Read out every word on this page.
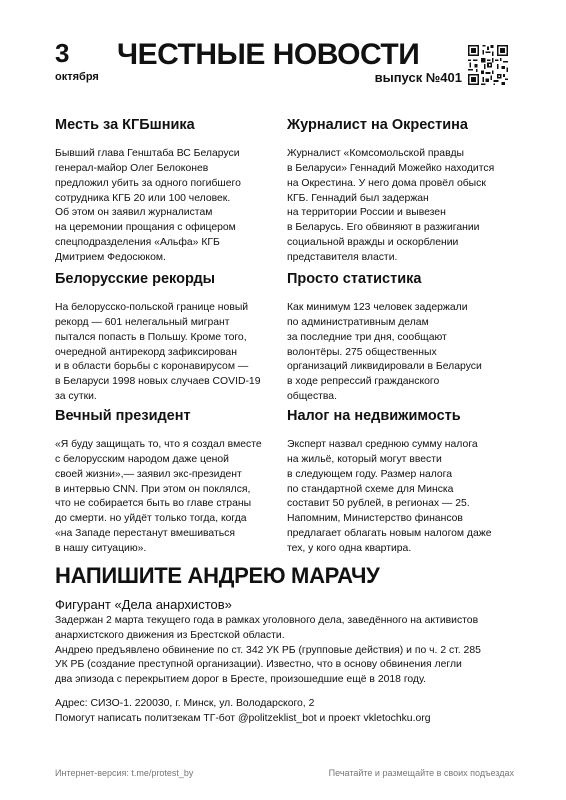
3
октября
ЧЕСТНЫЕ НОВОСТИ
выпуск №401
Месть за КГБшника

Бывший глава Генштаба ВС Беларуси
генерал-майор Олег Белоконев
предложил убить за одного погибшего
сотрудника КГБ 20 или 100 человек.
Об этом он заявил журналистам
на церемонии прощания с офицером
спецподразделения «Альфа» КГБ
Дмитрием Федосюком.

Белорусские рекорды

На белорусско-польской границе новый
рекорд — 601 нелегальный мигрант
пытался попасть в Польшу. Кроме того,
очередной антирекорд зафиксирован
и в области борьбы с коронавирусом —
в Беларуси 1998 новых случаев COVID-19
за сутки.

Вечный президент

«Я буду защищать то, что я создал вместе
с белорусским народом даже ценой
своей жизни»,— заявил экс-президент
в интервью CNN. При этом он поклялся,
что не собирается быть во главе страны
до смерти. но уйдёт только тогда, когда
«на Западе перестанут вмешиваться
в нашу ситуацию».

Журналист на Окрестина

Журналист «Комсомольской правды
в Беларуси» Геннадий Можейко находится
на Окрестина. У него дома провёл обыск
КГБ. Геннадий был задержан
на территории России и вывезен
в Беларусь. Его обвиняют в разжигании
социальной вражды и оскорблении
представителя власти.

Просто статистика

Как минимум 123 человек задержали
по административным делам
за последние три дня, сообщают
волонтёры. 275 общественных
организаций ликвидировали в Беларуси
в ходе репрессий гражданского
общества.

Налог на недвижимость

Эксперт назвал среднюю сумму налога
на жильё, который могут ввести
в следующем году. Размер налога
по стандартной схеме для Минска
составит 50 рублей, в регионах — 25.
Напомним, Министерство финансов
предлагает облагать новым налогом даже
тех, у кого одна квартира.

НАПИШИТЕ АНДРЕЮ МАРАЧУ
Фигурант «Дела анархистов»
Задержан 2 марта текущего года в рамках уголовного дела, заведённого на активистов
анархистского движения из Брестской области.
Андрею предъявлено обвинение по ст. 342 УК РБ (групповые действия) и по ч. 2 ст. 285
УК РБ (создание преступной организации). Известно, что в основу обвинения легли
два эпизода с перекрытием дорог в Бресте, произошедшие ещё в 2018 году.
Адрес: СИЗО-1. 220030, г. Минск, ул. Володарского, 2
Помогут написать политзекам ТГ-бот @politzeklist_bot и проект vkletochku.org
Интернет-версия: t.me/protest_by	Печатайте и размещайте в своих подъездах
